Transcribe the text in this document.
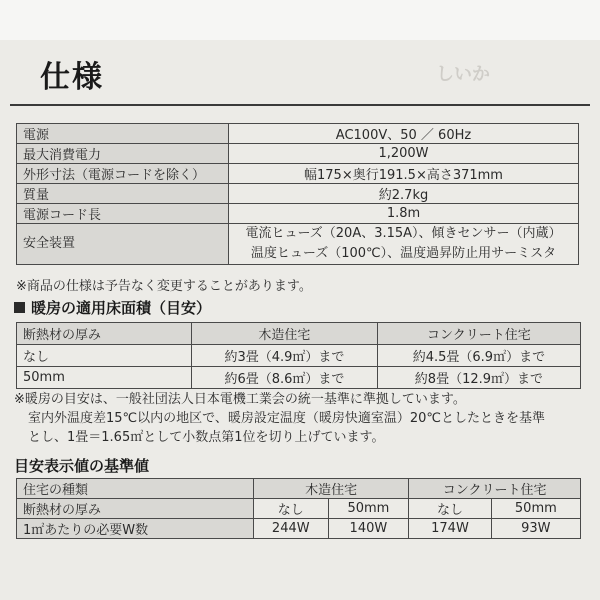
しいか
仕様
電源	AC100V、50 ／ 60Hz
最大消費電力	1,200W
外形寸法（電源コードを除く）	幅175×奥行191.5×高さ371mm
質量	約2.7kg
電源コード長	1.8m
安全装置	電流ヒューズ（20A、3.15A）、傾きセンサー（内蔵）
温度ヒューズ（100℃）、温度過昇防止用サーミスタ
※商品の仕様は予告なく変更することがあります。
暖房の適用床面積（目安）
断熱材の厚み	木造住宅	コンクリート住宅
なし	約3畳（4.9㎡）まで	約4.5畳（6.9㎡）まで
50mm	約6畳（8.6㎡）まで	約8畳（12.9㎡）まで
※暖房の目安は、一般社団法人日本電機工業会の統一基準に準拠しています。
室内外温度差15℃以内の地区で、暖房設定温度（暖房快適室温）20℃としたときを基準
とし、1畳＝1.65㎡として小数点第1位を切り上げています。
目安表示値の基準値
住宅の種類	木造住宅		コンクリート住宅	
断熱材の厚み	なし	50mm	なし	50mm
1㎡あたりの必要W数	244W	140W	174W	93W
